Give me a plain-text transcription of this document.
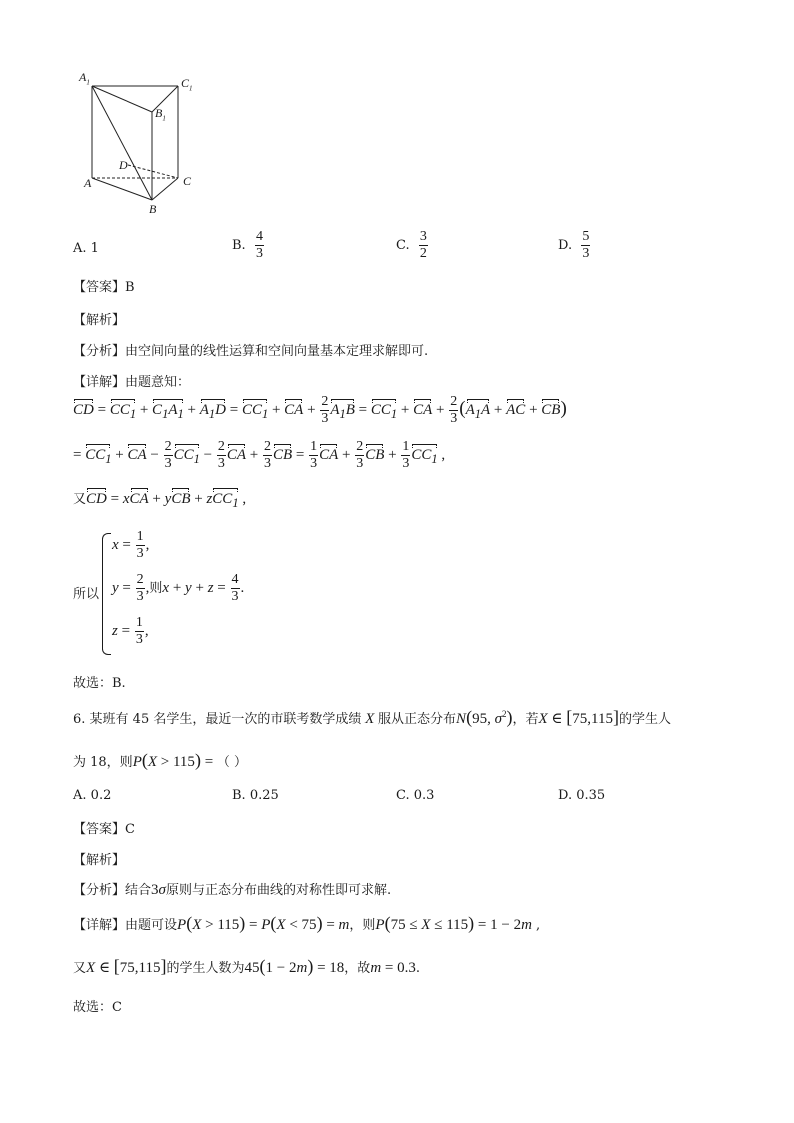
$A_1$	$C_1$
$B_1$
D
A
B
C
A. 1	B. $\frac{4}{3}$	C. $\frac{3}{2}$	D. $\frac{5}{3}$
【答案】B
【解析】
【分析】由空间向量的线性运算和空间向量基本定理求解即可.
【详解】由题意知：
CD = $CC_1 + C_1A_1 + A_1D = CC_1$ + CA + $\frac{2}{3} A_1B = CC_1$ + CA + $\frac{2}{3} (A_1A$ + AC + CB)
= $CC_1$ + CA − $\frac{2}{3} CC_1 - \frac{2}{3}$ CA + $\frac{2}{3}$ CB = $\frac{1}{3}$ CA + $\frac{2}{3}$ CB + $\frac{1}{3} CC_1$ ,
又CD = xCA + yCB + zCC$_1$ ,
所以
$x = \frac{1}{3}$ ,
$y = \frac{2}{3}$ ,则$x + y + z = \frac{4}{3}$ .
$z = \frac{1}{3}$ ,
故选：B.
6. 某班有 45 名学生，最近一次的市联考数学成绩 X 服从正态分布N(95, $\sigma^2$)，若X ∈ [75,115]的学生人
为 18，则P(X > 115) = （ ）
A. 0.2	B. 0.25	C. 0.3	D. 0.35
【答案】C
【解析】
【分析】结合3σ原则与正态分布曲线的对称性即可求解.
【详解】由题可设P(X > 115) = P(X < 75) = m，则P(75 ≤ X ≤ 115) = 1 − 2m ,
又X ∈ [75,115]的学生人数为45(1 − 2m) = 18，故m = 0.3.
故选：C
